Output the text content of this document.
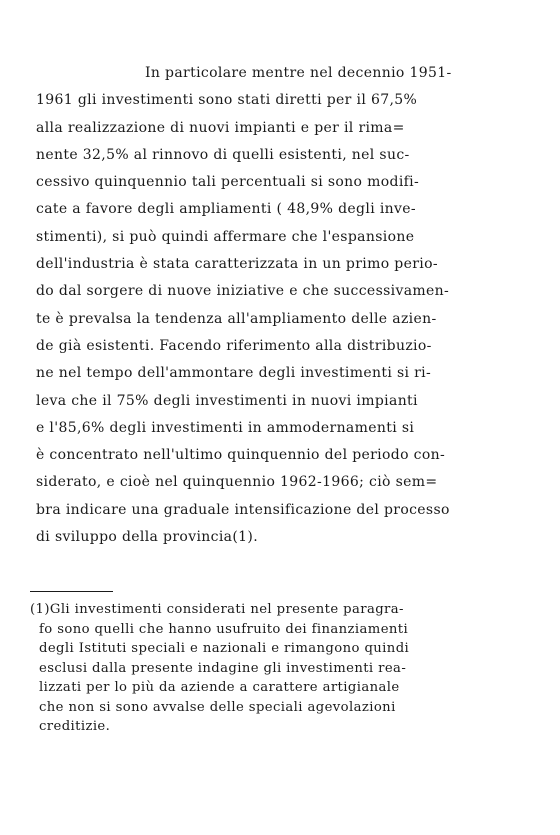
In particolare mentre nel decennio 1951-
1961 gli investimenti sono stati diretti per il 67,5%
alla realizzazione di nuovi impianti e per il rima=
nente 32,5% al rinnovo di quelli esistenti, nel suc-
cessivo quinquennio tali percentuali si sono modifi-
cate a favore degli ampliamenti ( 48,9% degli inve-
stimenti), si può quindi affermare che l'espansione
dell'industria è stata caratterizzata in un primo perio-
do dal sorgere di nuove iniziative e che successivamen-
te è prevalsa la tendenza all'ampliamento delle azien-
de già esistenti. Facendo riferimento alla distribuzio-
ne nel tempo dell'ammontare degli investimenti si ri-
leva che il 75% degli investimenti in nuovi impianti
e l'85,6% degli investimenti in ammodernamenti si
è concentrato nell'ultimo quinquennio del periodo con-
siderato, e cioè nel quinquennio 1962-1966; ciò sem=
bra indicare una graduale intensificazione del processo
di sviluppo della provincia(1).
(1)Gli investimenti considerati nel presente paragra-
fo sono quelli che hanno usufruito dei finanziamenti
degli Istituti speciali e nazionali e rimangono quindi
esclusi dalla presente indagine gli investimenti rea-
lizzati per lo più da aziende a carattere artigianale
che non si sono avvalse delle speciali agevolazioni
creditizie.
